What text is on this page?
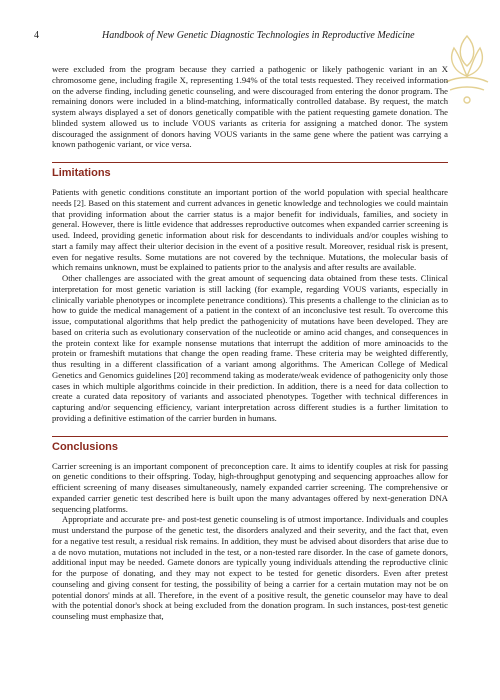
4	Handbook of New Genetic Diagnostic Technologies in Reproductive Medicine

were excluded from the program because they carried a pathogenic or likely pathogenic variant in an X chromosome gene, including fragile X, representing 1.94% of the total tests requested. They received information on the adverse finding, including genetic counseling, and were discouraged from entering the donor program. The remaining donors were included in a blind-matching, informatically controlled database. By request, the match system always displayed a set of donors genetically compatible with the patient requesting gamete donation. The blinded system allowed us to include VOUS variants as criteria for assigning a matched donor. The system discouraged the assignment of donors having VOUS variants in the same gene where the patient was carrying a known pathogenic variant, or vice versa.

Limitations

Patients with genetic conditions constitute an important portion of the world population with special healthcare needs [2]. Based on this statement and current advances in genetic knowledge and technologies we could maintain that providing information about the carrier status is a major benefit for individuals, families, and society in general. However, there is little evidence that addresses reproductive outcomes when expanded carrier screening is used. Indeed, providing genetic information about risk for descendants to individuals and/or couples wishing to start a family may affect their ulterior decision in the event of a positive result. Moreover, residual risk is present, even for negative results. Some mutations are not covered by the technique. Mutations, the molecular basis of which remains unknown, must be explained to patients prior to the analysis and after results are available.

Other challenges are associated with the great amount of sequencing data obtained from these tests. Clinical interpretation for most genetic variation is still lacking (for example, regarding VOUS variants, especially in clinically variable phenotypes or incomplete penetrance conditions). This presents a challenge to the clinician as to how to guide the medical management of a patient in the context of an inconclusive test result. To overcome this issue, computational algorithms that help predict the pathogenicity of mutations have been developed. They are based on criteria such as evolutionary conservation of the nucleotide or amino acid changes, and consequences in the protein context like for example nonsense mutations that interrupt the addition of more aminoacids to the protein or frameshift mutations that change the open reading frame. These criteria may be weighted differently, thus resulting in a different classification of a variant among algorithms. The American College of Medical Genetics and Genomics guidelines [20] recommend taking as moderate/weak evidence of pathogenicity only those cases in which multiple algorithms coincide in their prediction. In addition, there is a need for data collection to create a curated data repository of variants and associated phenotypes. Together with technical differences in capturing and/or sequencing efficiency, variant interpretation across different studies is a further limitation to providing a definitive estimation of the carrier burden in humans.

Conclusions

Carrier screening is an important component of preconception care. It aims to identify couples at risk for passing on genetic conditions to their offspring. Today, high-throughput genotyping and sequencing approaches allow for efficient screening of many diseases simultaneously, namely expanded carrier screening. The comprehensive or expanded carrier genetic test described here is built upon the many advantages offered by next-generation DNA sequencing platforms.

Appropriate and accurate pre- and post-test genetic counseling is of utmost importance. Individuals and couples must understand the purpose of the genetic test, the disorders analyzed and their severity, and the fact that, even for a negative test result, a residual risk remains. In addition, they must be advised about disorders that arise due to a de novo mutation, mutations not included in the test, or a non-tested rare disorder. In the case of gamete donors, additional input may be needed. Gamete donors are typically young individuals attending the reproductive clinic for the purpose of donating, and they may not expect to be tested for genetic disorders. Even after pretest counseling and giving consent for testing, the possibility of being a carrier for a certain mutation may not be on potential donors' minds at all. Therefore, in the event of a positive result, the genetic counselor may have to deal with the potential donor's shock at being excluded from the donation program. In such instances, post-test genetic counseling must emphasize that,
